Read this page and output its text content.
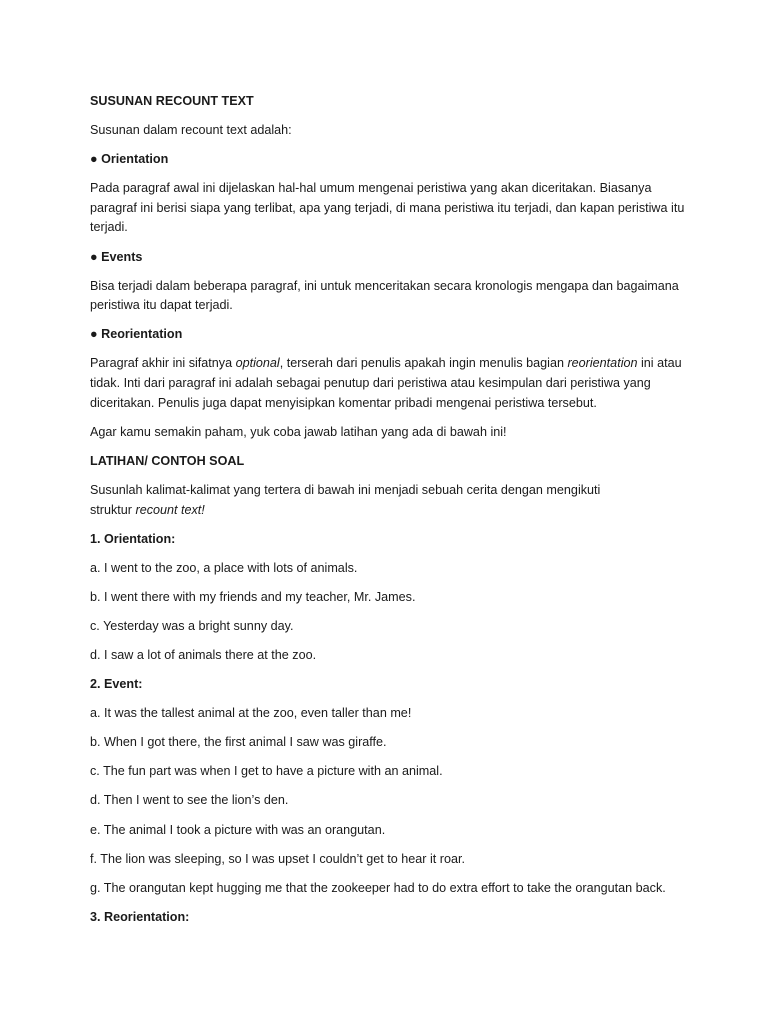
SUSUNAN RECOUNT TEXT

Susunan dalam recount text adalah:

● Orientation

Pada paragraf awal ini dijelaskan hal-hal umum mengenai peristiwa yang akan diceritakan. Biasanya paragraf ini berisi siapa yang terlibat, apa yang terjadi, di mana peristiwa itu terjadi, dan kapan peristiwa itu terjadi.

● Events

Bisa terjadi dalam beberapa paragraf, ini untuk menceritakan secara kronologis mengapa dan bagaimana peristiwa itu dapat terjadi.

● Reorientation

Paragraf akhir ini sifatnya optional, terserah dari penulis apakah ingin menulis bagian reorientation ini atau tidak. Inti dari paragraf ini adalah sebagai penutup dari peristiwa atau kesimpulan dari peristiwa yang diceritakan. Penulis juga dapat menyisipkan komentar pribadi mengenai peristiwa tersebut.

Agar kamu semakin paham, yuk coba jawab latihan yang ada di bawah ini!

LATIHAN/ CONTOH SOAL

Susunlah kalimat-kalimat yang tertera di bawah ini menjadi sebuah cerita dengan mengikuti struktur recount text!

1. Orientation:

a. I went to the zoo, a place with lots of animals.

b. I went there with my friends and my teacher, Mr. James.

c. Yesterday was a bright sunny day.

d. I saw a lot of animals there at the zoo.

2. Event:

a. It was the tallest animal at the zoo, even taller than me!

b. When I got there, the first animal I saw was giraffe.

c. The fun part was when I get to have a picture with an animal.

d. Then I went to see the lion’s den.

e. The animal I took a picture with was an orangutan.

f. The lion was sleeping, so I was upset I couldn’t get to hear it roar.

g. The orangutan kept hugging me that the zookeeper had to do extra effort to take the orangutan back.

3. Reorientation:
